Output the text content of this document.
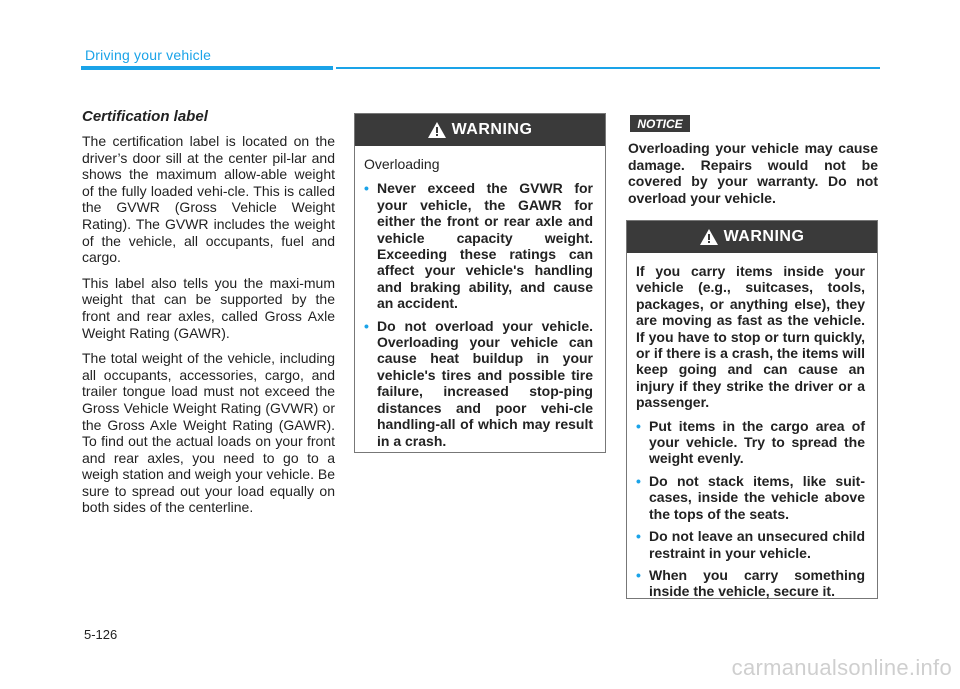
Driving your vehicle
Certification label

The certification label is located on the driver’s door sill at the center pil-lar and shows the maximum allow-able weight of the fully loaded vehi-cle. This is called the GVWR (Gross Vehicle Weight Rating). The GVWR includes the weight of the vehicle, all occupants, fuel and cargo.

This label also tells you the maxi-mum weight that can be supported by the front and rear axles, called Gross Axle Weight Rating (GAWR).

The total weight of the vehicle, including all occupants, accessories, cargo, and trailer tongue load must not exceed the Gross Vehicle Weight Rating (GVWR) or the Gross Axle Weight Rating (GAWR). To find out the actual loads on your front and rear axles, you need to go to a weigh station and weigh your vehicle. Be sure to spread out your load equally on both sides of the centerline.

WARNING

Overloading

• Never exceed the GVWR for your vehicle, the GAWR for either the front or rear axle and vehicle capacity weight. Exceeding these ratings can affect your vehicle's handling and braking ability, and cause an accident.
• Do not overload your vehicle. Overloading your vehicle can cause heat buildup in your vehicle's tires and possible tire failure, increased stop-ping distances and poor vehi-cle handling-all of which may result in a crash.
NOTICE

Overloading your vehicle may cause damage. Repairs would not be covered by your warranty. Do not overload your vehicle.

WARNING

If you carry items inside your vehicle (e.g., suitcases, tools, packages, or anything else), they are moving as fast as the vehicle. If you have to stop or turn quickly, or if there is a crash, the items will keep going and can cause an injury if they strike the driver or a passenger.

• Put items in the cargo area of your vehicle. Try to spread the weight evenly.
• Do not stack items, like suit-cases, inside the vehicle above the tops of the seats.
• Do not leave an unsecured child restraint in your vehicle.
• When you carry something inside the vehicle, secure it.
5-126
carmanualsonline.info
